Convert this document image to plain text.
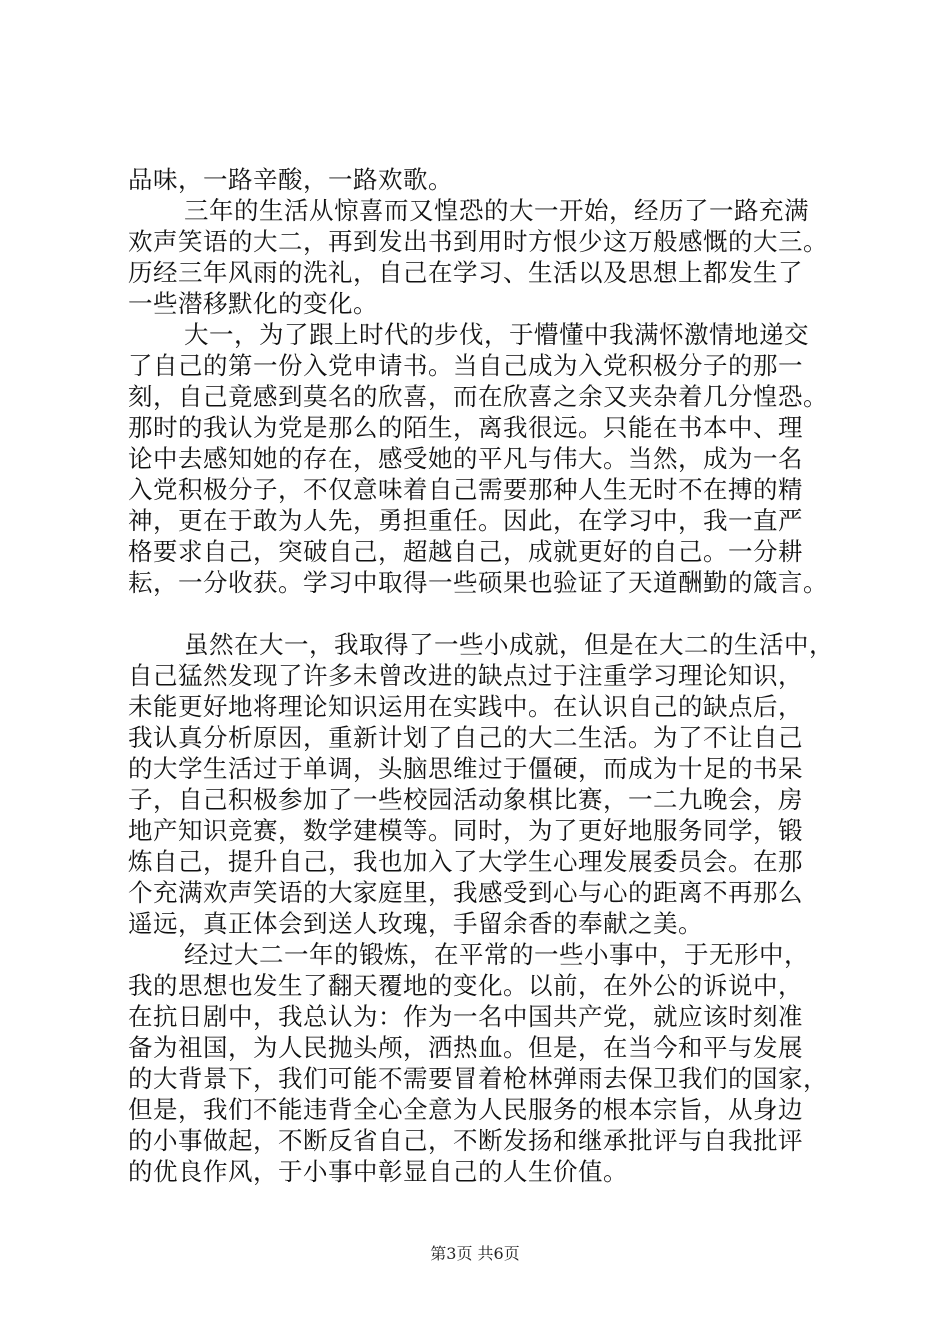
品味，一路辛酸，一路欢歌。
三年的生活从惊喜而又惶恐的大一开始，经历了一路充满
欢声笑语的大二，再到发出书到用时方恨少这万般感慨的大三。
历经三年风雨的洗礼，自己在学习、生活以及思想上都发生了
一些潜移默化的变化。
大一，为了跟上时代的步伐，于懵懂中我满怀激情地递交
了自己的第一份入党申请书。当自己成为入党积极分子的那一
刻，自己竟感到莫名的欣喜，而在欣喜之余又夹杂着几分惶恐。
那时的我认为党是那么的陌生，离我很远。只能在书本中、理
论中去感知她的存在，感受她的平凡与伟大。当然，成为一名
入党积极分子，不仅意味着自己需要那种人生无时不在搏的精
神，更在于敢为人先，勇担重任。因此，在学习中，我一直严
格要求自己，突破自己，超越自己，成就更好的自己。一分耕
耘，一分收获。学习中取得一些硕果也验证了天道酬勤的箴言。
虽然在大一，我取得了一些小成就，但是在大二的生活中，
自己猛然发现了许多未曾改进的缺点过于注重学习理论知识，
未能更好地将理论知识运用在实践中。在认识自己的缺点后，
我认真分析原因，重新计划了自己的大二生活。为了不让自己
的大学生活过于单调，头脑思维过于僵硬，而成为十足的书呆
子，自己积极参加了一些校园活动象棋比赛，一二九晚会，房
地产知识竞赛，数学建模等。同时，为了更好地服务同学，锻
炼自己，提升自己，我也加入了大学生心理发展委员会。在那
个充满欢声笑语的大家庭里，我感受到心与心的距离不再那么
遥远，真正体会到送人玫瑰，手留余香的奉献之美。
经过大二一年的锻炼，在平常的一些小事中，于无形中，
我的思想也发生了翻天覆地的变化。以前，在外公的诉说中，
在抗日剧中，我总认为：作为一名中国共产党，就应该时刻准
备为祖国，为人民抛头颅，洒热血。但是，在当今和平与发展
的大背景下，我们可能不需要冒着枪林弹雨去保卫我们的国家，
但是，我们不能违背全心全意为人民服务的根本宗旨，从身边
的小事做起，不断反省自己，不断发扬和继承批评与自我批评
的优良作风，于小事中彰显自己的人生价值。
第3页 共6页
